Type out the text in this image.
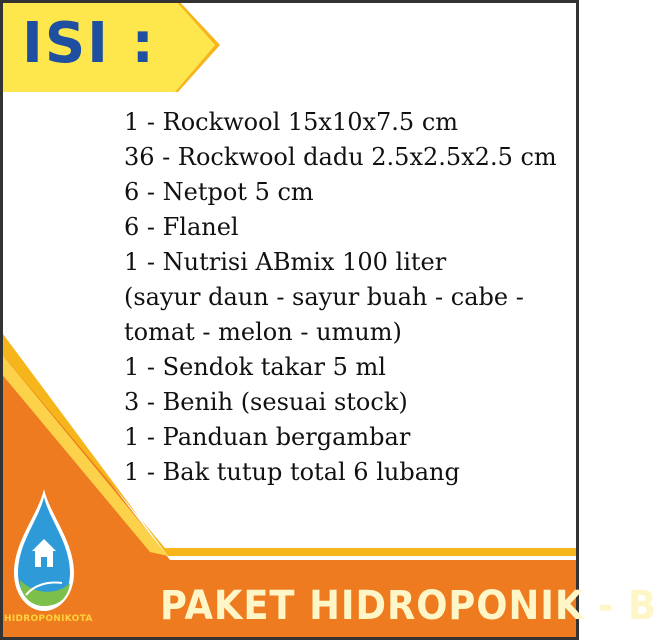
ISI :
1 - Rockwool 15x10x7.5 cm
36 - Rockwool dadu 2.5x2.5x2.5 cm
6 - Netpot 5 cm
6 - Flanel
1 - Nutrisi ABmix 100 liter
(sayur daun - sayur buah - cabe -
tomat - melon - umum)
1 - Sendok takar 5 ml
3 - Benih (sesuai stock)
1 - Panduan bergambar
1 - Bak tutup total 6 lubang
HIDROPONIKOTA PAKET HIDROPONIK - B
